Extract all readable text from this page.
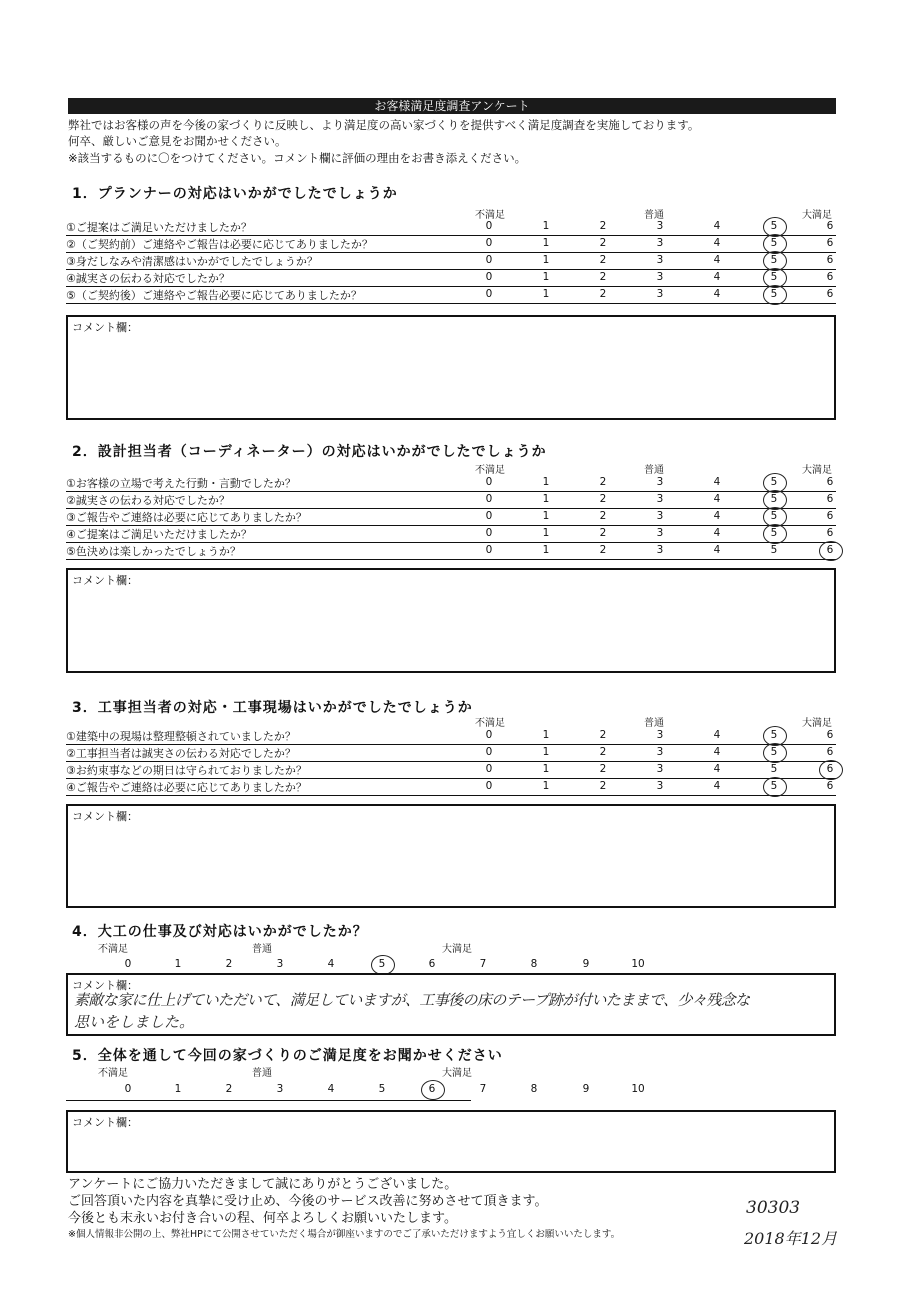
お客様満足度調査アンケート
弊社ではお客様の声を今後の家づくりに反映し、より満足度の高い家づくりを提供すべく満足度調査を実施しております。
何卒、厳しいご意見をお聞かせください。
※該当するものに〇をつけてください。コメント欄に評価の理由をお書き添えください。
1．プランナーの対応はいかがでしたでしょうか
不満足	普通	大満足
①ご提案はご満足いただけましたか？	0	1	2	3	4	5	6
②（ご契約前）ご連絡やご報告は必要に応じてありましたか？	0	1	2	3	4	5	6
③身だしなみや清潔感はいかがでしたでしょうか？	0	1	2	3	4	5	6
④誠実さの伝わる対応でしたか？	0	1	2	3	4	5	6
⑤（ご契約後）ご連絡やご報告必要に応じてありましたか？	0	1	2	3	4	5	6
コメント欄：
2．設計担当者（コーディネーター）の対応はいかがでしたでしょうか
不満足	普通	大満足
①お客様の立場で考えた行動・言動でしたか？	0	1	2	3	4	5	6
②誠実さの伝わる対応でしたか？	0	1	2	3	4	5	6
③ご報告やご連絡は必要に応じてありましたか？	0	1	2	3	4	5	6
④ご提案はご満足いただけましたか？	0	1	2	3	4	5	6
⑤色決めは楽しかったでしょうか？	0	1	2	3	4	5	6
コメント欄：
3．工事担当者の対応・工事現場はいかがでしたでしょうか
不満足	普通	大満足
①建築中の現場は整理整頓されていましたか？	0	1	2	3	4	5	6
②工事担当者は誠実さの伝わる対応でしたか？	0	1	2	3	4	5	6
③お約束事などの期日は守られておりましたか？	0	1	2	3	4	5	6
④ご報告やご連絡は必要に応じてありましたか？	0	1	2	3	4	5	6
コメント欄：
4．大工の仕事及び対応はいかがでしたか？
不満足	普通	大満足
0	1	2	3	4	5	6	7	8	9	10
コメント欄：
素敵な家に仕上げていただいて、満足していますが、工事後の床のテープ跡が付いたままで、少々残念な
思いをしました。
5．全体を通して今回の家づくりのご満足度をお聞かせください
不満足	普通	大満足
0	1	2	3	4	5	6	7	8	9	10
コメント欄：
アンケートにご協力いただきまして誠にありがとうございました。
ご回答頂いた内容を真摯に受け止め、今後のサービス改善に努めさせて頂きます。
今後とも末永いお付き合いの程、何卒よろしくお願いいたします。
※個人情報非公開の上、弊社HPにて公開させていただく場合が御座いますのでご了承いただけますよう宜しくお願いいたします。
30303
2018年12月
